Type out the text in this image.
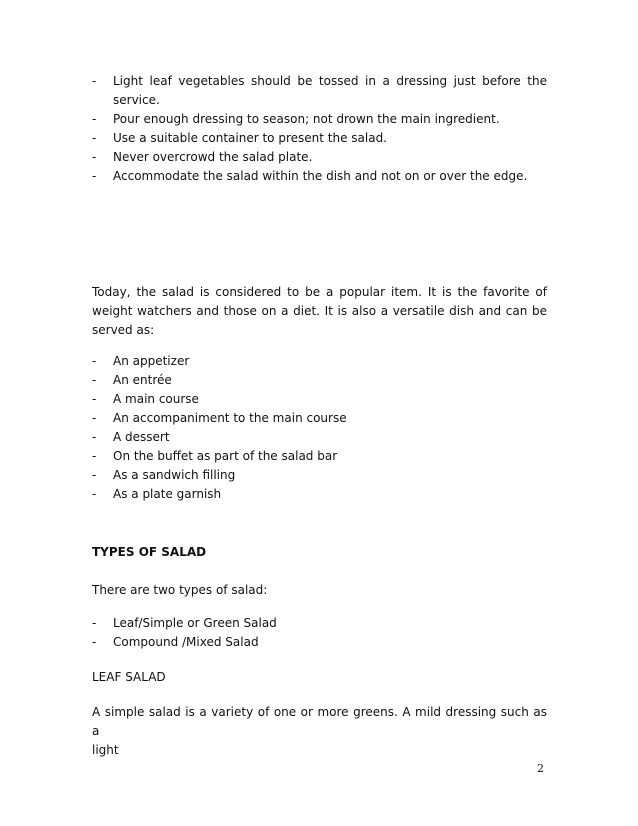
- Light leaf vegetables should be tossed in a dressing just before the
service.
- Pour enough dressing to season; not drown the main ingredient.
- Use a suitable container to present the salad.
- Never overcrowd the salad plate.
- Accommodate the salad within the dish and not on or over the edge.
Today, the salad is considered to be a popular item. It is the favorite of
weight watchers and those on a diet. It is also a versatile dish and can be
served as:
- An appetizer
- An entrée
- A main course
- An accompaniment to the main course
- A dessert
- On the buffet as part of the salad bar
- As a sandwich filling
- As a plate garnish
TYPES OF SALAD
There are two types of salad:
- Leaf/Simple or Green Salad
- Compound /Mixed Salad
LEAF SALAD
A simple salad is a variety of one or more greens. A mild dressing such as a
light
2
